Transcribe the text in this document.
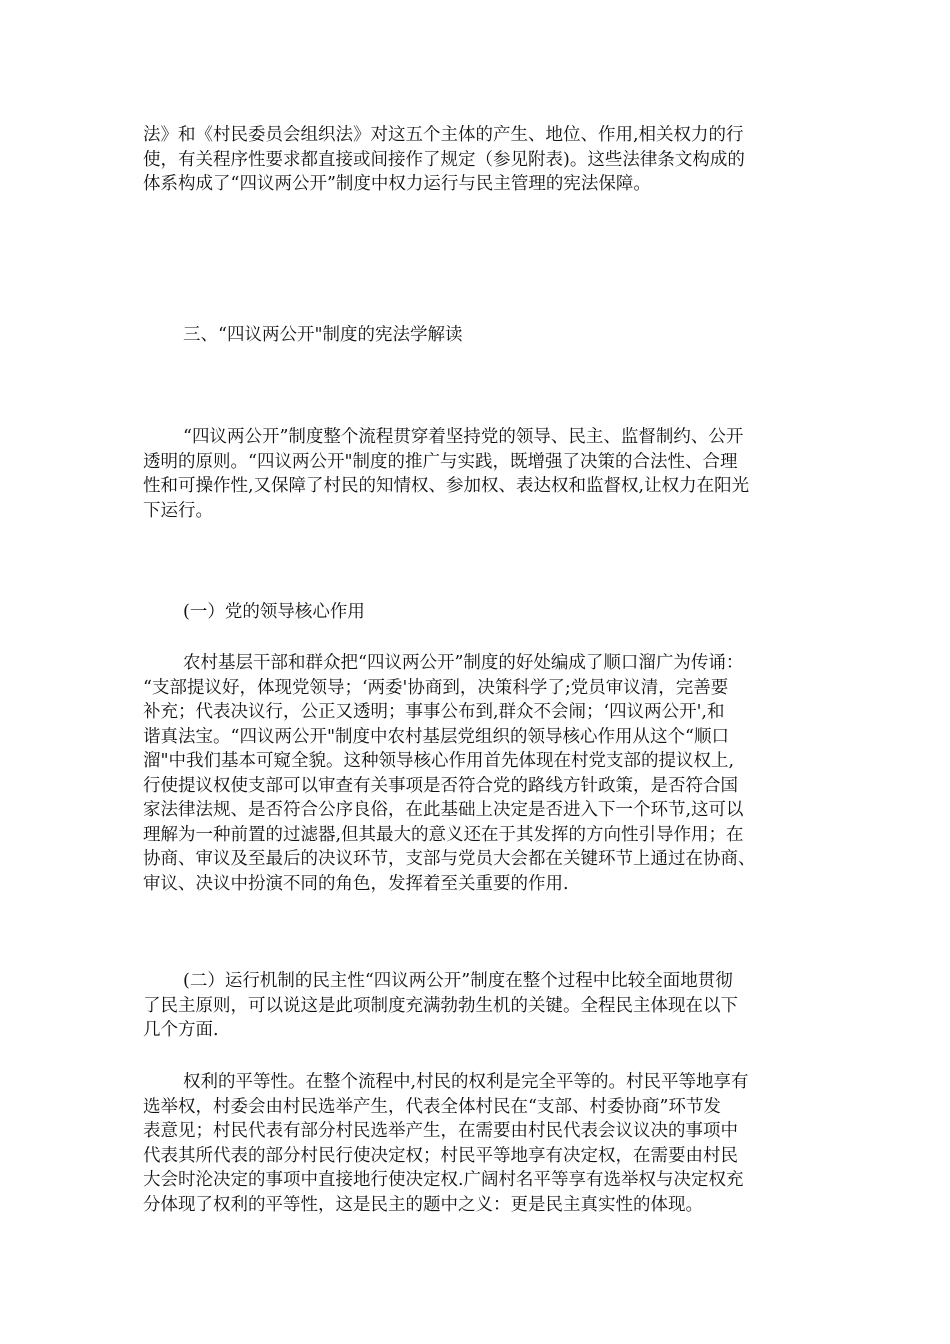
法》和《村民委员会组织法》对这五个主体的产生、地位、作用,相关权力的行
使，有关程序性要求都直接或间接作了规定（参见附表)。这些法律条文构成的
体系构成了“四议两公开”制度中权力运行与民主管理的宪法保障。
三、“四议两公开"制度的宪法学解读
“四议两公开”制度整个流程贯穿着坚持党的领导、民主、监督制约、公开
透明的原则。“四议两公开"制度的推广与实践，既增强了决策的合法性、合理
性和可操作性,又保障了村民的知情权、参加权、表达权和监督权,让权力在阳光
下运行。
(一）党的领导核心作用
农村基层干部和群众把“四议两公开”制度的好处编成了顺口溜广为传诵：
“支部提议好，体现党领导；‘两委'协商到，决策科学了;党员审议清，完善要
补充；代表决议行，公正又透明；事事公布到,群众不会闹；‘四议两公开',和
谐真法宝。“四议两公开"制度中农村基层党组织的领导核心作用从这个“顺口
溜"中我们基本可窥全貌。这种领导核心作用首先体现在村党支部的提议权上,
行使提议权使支部可以审查有关事项是否符合党的路线方针政策，是否符合国
家法律法规、是否符合公序良俗，在此基础上决定是否进入下一个环节,这可以
理解为一种前置的过滤器,但其最大的意义还在于其发挥的方向性引导作用；在
协商、审议及至最后的决议环节，支部与党员大会都在关键环节上通过在协商、
审议、决议中扮演不同的角色，发挥着至关重要的作用.
(二）运行机制的民主性“四议两公开”制度在整个过程中比较全面地贯彻
了民主原则，可以说这是此项制度充满勃勃生机的关键。全程民主体现在以下
几个方面.
权利的平等性。在整个流程中,村民的权利是完全平等的。村民平等地享有
选举权，村委会由村民选举产生，代表全体村民在“支部、村委协商”环节发
表意见；村民代表有部分村民选举产生，在需要由村民代表会议议决的事项中
代表其所代表的部分村民行使决定权；村民平等地享有决定权，在需要由村民
大会时沦决定的事项中直接地行使决定权.广阔村名平等享有选举权与决定权充
分体现了权利的平等性，这是民主的题中之义：更是民主真实性的体现。
